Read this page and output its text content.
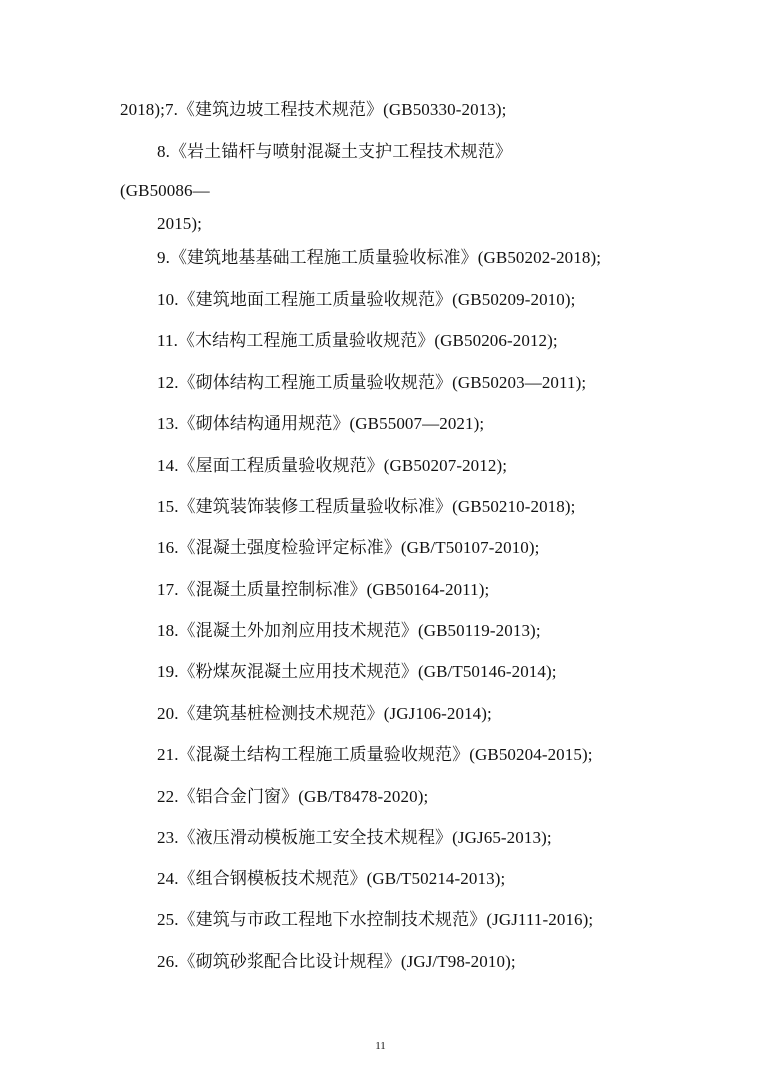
2018);7.《建筑边坡工程技术规范》(GB50330-2013);
8.《岩土锚杆与喷射混凝土支护工程技术规范》
(GB50086—
2015);
9.《建筑地基基础工程施工质量验收标准》(GB50202-2018);
10.《建筑地面工程施工质量验收规范》(GB50209-2010);
11.《木结构工程施工质量验收规范》(GB50206-2012);
12.《砌体结构工程施工质量验收规范》(GB50203—2011);
13.《砌体结构通用规范》(GB55007—2021);
14.《屋面工程质量验收规范》(GB50207-2012);
15.《建筑装饰装修工程质量验收标准》(GB50210-2018);
16.《混凝土强度检验评定标准》(GB/T50107-2010);
17.《混凝土质量控制标准》(GB50164-2011);
18.《混凝土外加剂应用技术规范》(GB50119-2013);
19.《粉煤灰混凝土应用技术规范》(GB/T50146-2014);
20.《建筑基桩检测技术规范》(JGJ106-2014);
21.《混凝土结构工程施工质量验收规范》(GB50204-2015);
22.《铝合金门窗》(GB/T8478-2020);
23.《液压滑动模板施工安全技术规程》(JGJ65-2013);
24.《组合钢模板技术规范》(GB/T50214-2013);
25.《建筑与市政工程地下水控制技术规范》(JGJ111-2016);
26.《砌筑砂浆配合比设计规程》(JGJ/T98-2010);
11
